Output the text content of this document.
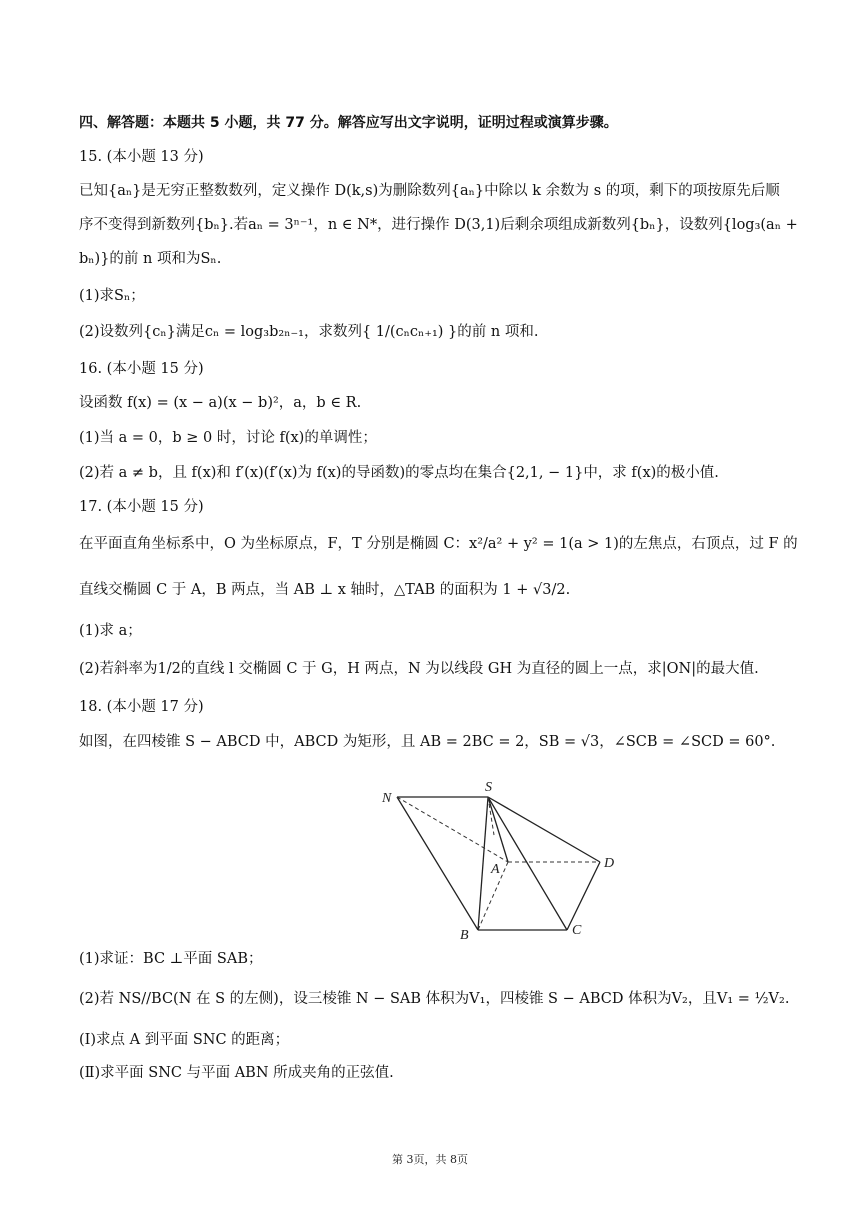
四、解答题：本题共 5 小题，共 77 分。解答应写出文字说明，证明过程或演算步骤。
15. (本小题 13 分)
已知{aₙ}是无穷正整数数列，定义操作 D(k,s)为删除数列{aₙ}中除以 k 余数为 s 的项，剩下的项按原先后顺
序不变得到新数列{bₙ}.若aₙ = 3ⁿ⁻¹，n ∈ N*，进行操作 D(3,1)后剩余项组成新数列{bₙ}，设数列{log₃(aₙ +
bₙ)}的前 n 项和为Sₙ.
(1)求Sₙ；
(2)设数列{cₙ}满足cₙ = log₃b₂ₙ₋₁，求数列{ 1/(cₙcₙ₊₁) }的前 n 项和.
16. (本小题 15 分)
设函数 f(x) = (x − a)(x − b)²，a，b ∈ R.
(1)当 a = 0，b ≥ 0 时，讨论 f(x)的单调性；
(2)若 a ≠ b，且 f(x)和 f′(x)(f′(x)为 f(x)的导函数)的零点均在集合{2,1, − 1}中，求 f(x)的极小值.
17. (本小题 15 分)
在平面直角坐标系中，O 为坐标原点，F，T 分别是椭圆 C：x²/a² + y² = 1(a > 1)的左焦点，右顶点，过 F 的
直线交椭圆 C 于 A，B 两点，当 AB ⊥ x 轴时，△TAB 的面积为 1 + √3/2.
(1)求 a；
(2)若斜率为1/2的直线 l 交椭圆 C 于 G，H 两点，N 为以线段 GH 为直径的圆上一点，求|ON|的最大值.
18. (本小题 17 分)
如图，在四棱锥 S − ABCD 中，ABCD 为矩形，且 AB = 2BC = 2，SB = √3，∠SCB = ∠SCD = 60°.
N
S
A	D
B	C
(1)求证：BC ⊥平面 SAB；
(2)若 NS//BC(N 在 S 的左侧)，设三棱锥 N − SAB 体积为V₁，四棱锥 S − ABCD 体积为V₂，且V₁ = ½V₂.
(Ⅰ)求点 A 到平面 SNC 的距离；
(Ⅱ)求平面 SNC 与平面 ABN 所成夹角的正弦值.
第 3页，共 8页
